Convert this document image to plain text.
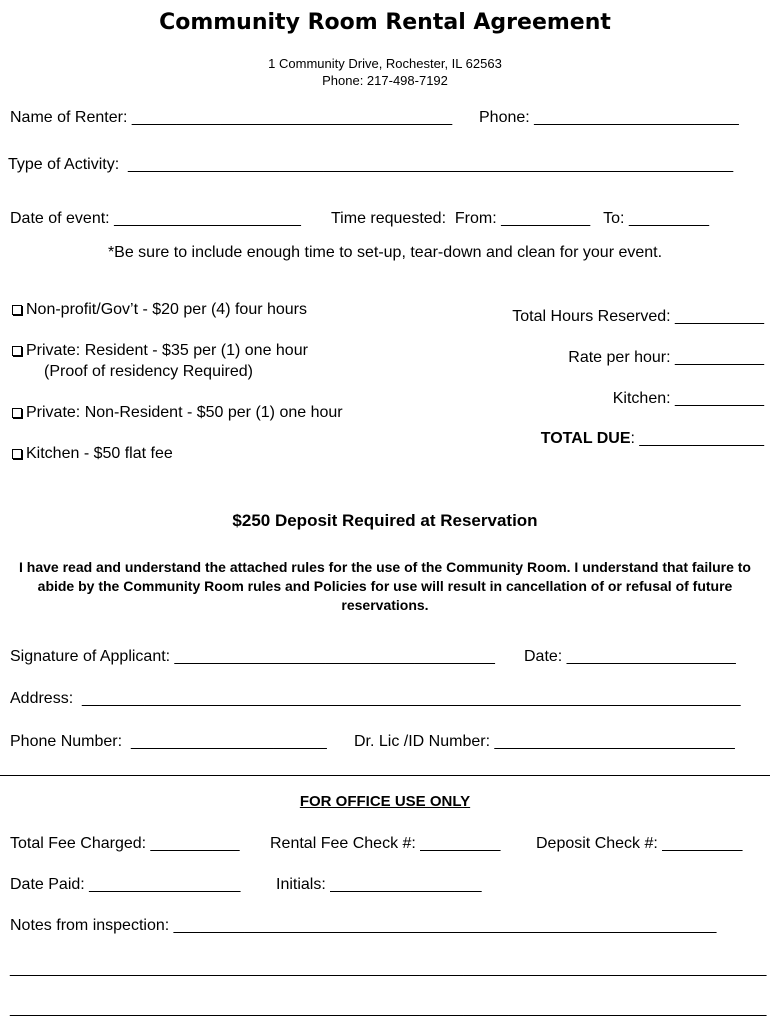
Community Room Rental Agreement
1 Community Drive, Rochester, IL 62563
Phone: 217-498-7192
Name of Renter: ____________________________________ Phone: _______________________
Type of Activity:  ____________________________________________________________________
Date of event: _____________________ Time requested:  From: __________   To: _________
*Be sure to include enough time to set-up, tear-down and clean for your event.
Non-profit/Gov’t - $20 per (4) four hours
Private: Resident - $35 per (1) one hour
(Proof of residency Required)
Private: Non-Resident - $50 per (1) one hour
Kitchen - $50 flat fee
Total Hours Reserved: __________
Rate per hour: __________
Kitchen: __________
TOTAL DUE: ______________
$250 Deposit Required at Reservation
I have read and understand the attached rules for the use of the Community Room. I understand that failure to abide by the Community Room rules and Policies for use will result in cancellation of or refusal of future reservations.
Signature of Applicant: ____________________________________ Date: ___________________
Address:  __________________________________________________________________________
Phone Number:  ______________________ Dr. Lic /ID Number: ___________________________
FOR OFFICE USE ONLY
Total Fee Charged: __________ Rental Fee Check #: _________ Deposit Check #: _________
Date Paid: _________________ Initials: _________________
Notes from inspection: _____________________________________________________________
_____________________________________________________________________________________
_____________________________________________________________________________________
